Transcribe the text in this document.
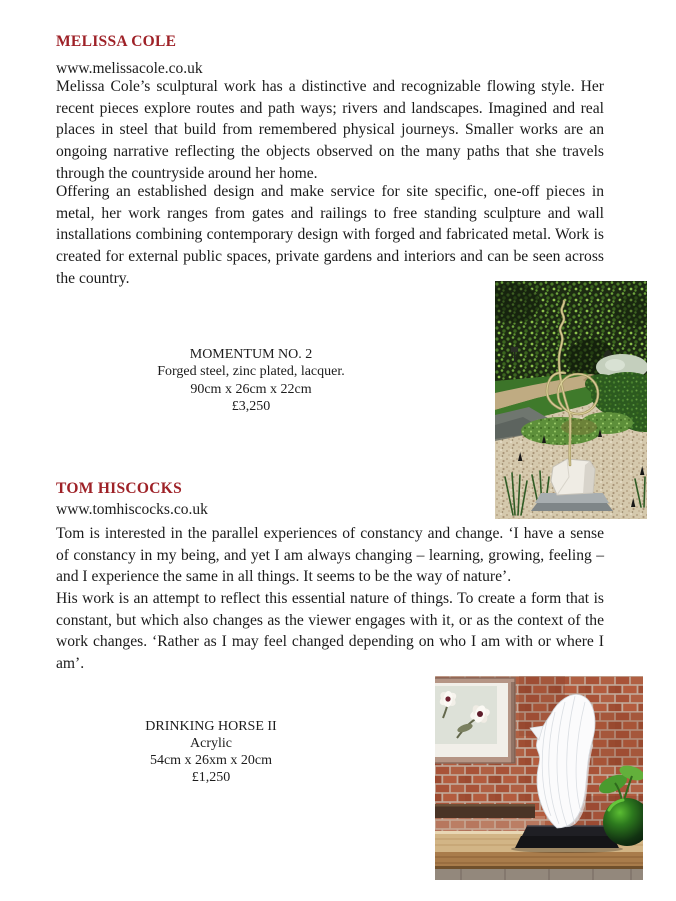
MELISSA COLE
www.melissacole.co.uk
Melissa Cole’s sculptural work has a distinctive and recognizable flowing style. Her recent pieces explore routes and path ways; rivers and landscapes. Imagined and real places in steel that build from remembered physical journeys. Smaller works are an ongoing narrative reflecting the objects observed on the many paths that she travels through the countryside around her home.
Offering an established design and make service for site specific, one-off pieces in metal, her work ranges from gates and railings to free standing sculpture and wall installations combining contemporary design with forged and fabricated metal. Work is created for external public spaces, private gardens and interiors and can be seen across the country.
MOMENTUM NO. 2
Forged steel, zinc plated, lacquer.
90cm x 26cm x 22cm
£3,250
TOM HISCOCKS
www.tomhiscocks.co.uk
Tom is interested in the parallel experiences of constancy and change. ‘I have a sense of constancy in my being, and yet I am always changing – learning, growing, feeling – and I experience the same in all things. It seems to be the way of nature’.
His work is an attempt to reflect this essential nature of things. To create a form that is constant, but which also changes as the viewer engages with it, or as the context of the work changes. ‘Rather as I may feel changed depending on who I am with or where I am’.
DRINKING HORSE II
Acrylic
54cm x 26xm x 20cm
£1,250
